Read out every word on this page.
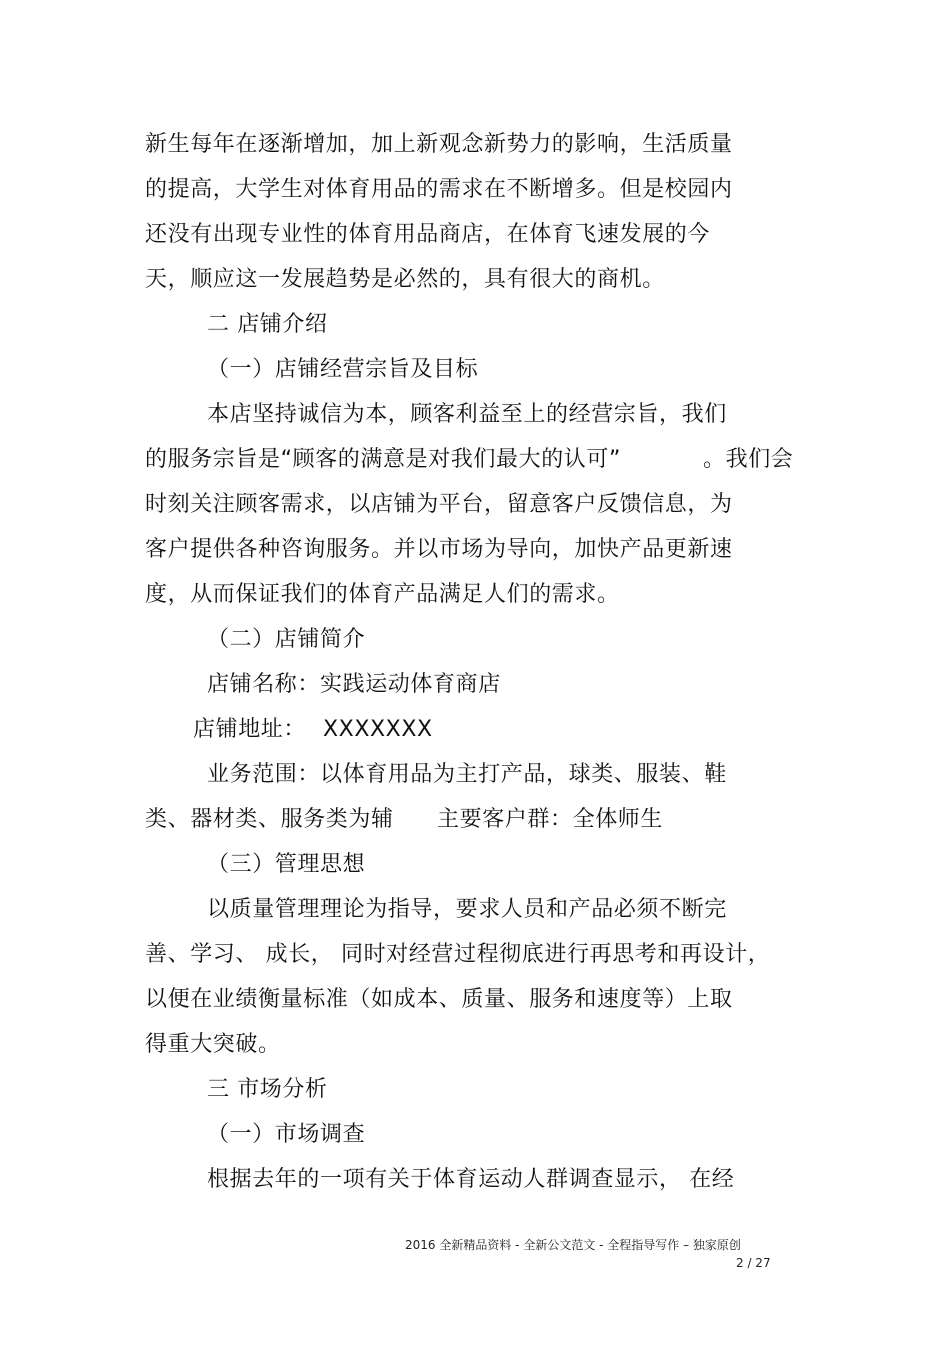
新生每年在逐渐增加，加上新观念新势力的影响，生活质量
的提高，大学生对体育用品的需求在不断增多。但是校园内
还没有出现专业性的体育用品商店，在体育飞速发展的今
天，顺应这一发展趋势是必然的，具有很大的商机。
二 店铺介绍
（一）店铺经营宗旨及目标
本店坚持诚信为本，顾客利益至上的经营宗旨，我们
的服务宗旨是“顾客的满意是对我们最大的认可”	。我们会
时刻关注顾客需求，以店铺为平台，留意客户反馈信息，为
客户提供各种咨询服务。并以市场为导向，加快产品更新速
度，从而保证我们的体育产品满足人们的需求。
（二）店铺简介
店铺名称：实践运动体育商店
店铺地址： XXXXXXX
业务范围：以体育用品为主打产品，球类、服装、鞋
类、器材类、服务类为辅 主要客户群：全体师生
（三）管理思想
以质量管理理论为指导，要求人员和产品必须不断完
善、学习、 成长， 同时对经营过程彻底进行再思考和再设计，
以便在业绩衡量标准（如成本、质量、服务和速度等）上取
得重大突破。
三 市场分析
（一）市场调查
根据去年的一项有关于体育运动人群调查显示， 在经
2016 全新精品资料 - 全新公文范文 - 全程指导写作 – 独家原创
2 / 27
